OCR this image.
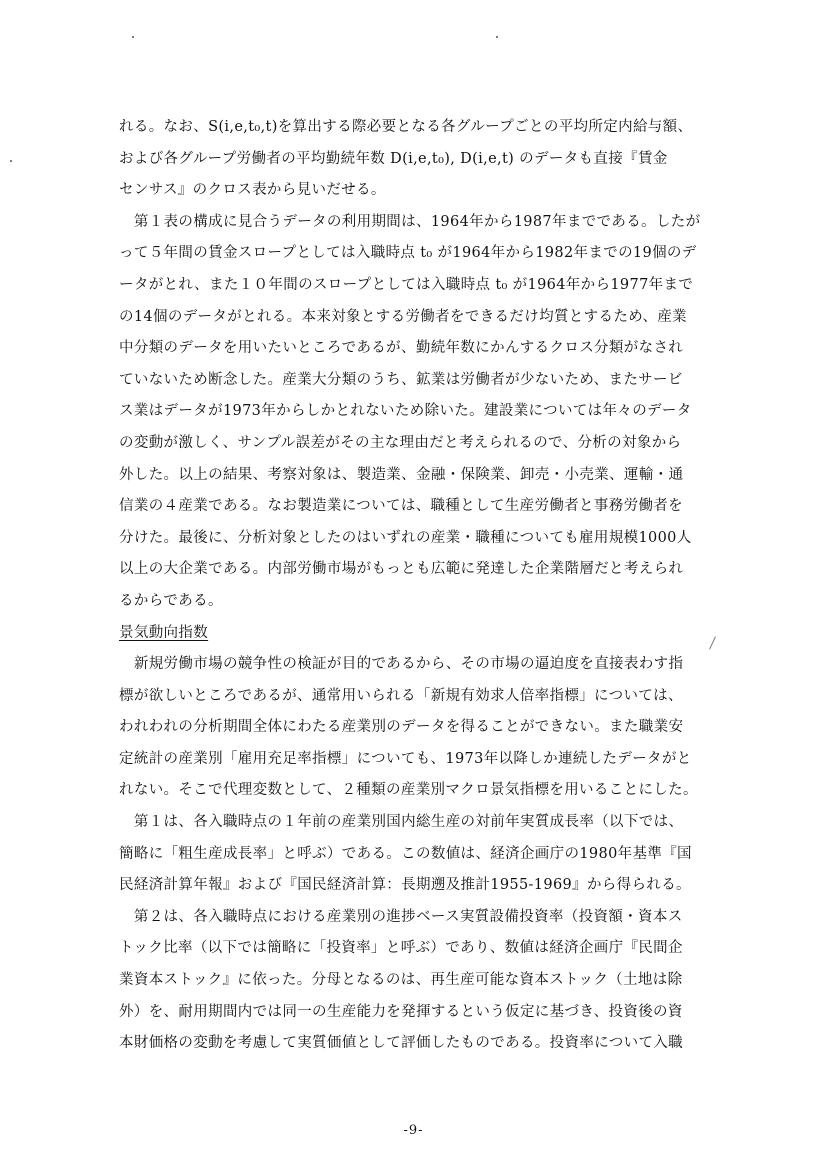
れる。なお、S(i,e,t₀,t)を算出する際必要となる各グループごとの平均所定内給与額、
および各グループ労働者の平均勤続年数 D(i,e,t₀), D(i,e,t) のデータも直接『賃金
センサス』のクロス表から見いだせる。
　第１表の構成に見合うデータの利用期間は、1964年から1987年までである。したが
って５年間の賃金スロープとしては入職時点 t₀ が1964年から1982年までの19個のデ
ータがとれ、また１０年間のスロープとしては入職時点 t₀ が1964年から1977年まで
の14個のデータがとれる。本来対象とする労働者をできるだけ均質とするため、産業
中分類のデータを用いたいところであるが、勤続年数にかんするクロス分類がなされ
ていないため断念した。産業大分類のうち、鉱業は労働者が少ないため、またサービ
ス業はデータが1973年からしかとれないため除いた。建設業については年々のデータ
の変動が激しく、サンプル誤差がその主な理由だと考えられるので、分析の対象から
外した。以上の結果、考察対象は、製造業、金融・保険業、卸売・小売業、運輸・通
信業の４産業である。なお製造業については、職種として生産労働者と事務労働者を
分けた。最後に、分析対象としたのはいずれの産業・職種についても雇用規模1000人
以上の大企業である。内部労働市場がもっとも広範に発達した企業階層だと考えられ
るからである。
景気動向指数
　新規労働市場の競争性の検証が目的であるから、その市場の逼迫度を直接表わす指
標が欲しいところであるが、通常用いられる「新規有効求人倍率指標」については、
われわれの分析期間全体にわたる産業別のデータを得ることができない。また職業安
定統計の産業別「雇用充足率指標」についても、1973年以降しか連続したデータがと
れない。そこで代理変数として、２種類の産業別マクロ景気指標を用いることにした。
　第１は、各入職時点の１年前の産業別国内総生産の対前年実質成長率（以下では、
簡略に「粗生産成長率」と呼ぶ）である。この数値は、経済企画庁の1980年基準『国
民経済計算年報』および『国民経済計算：長期遡及推計1955-1969』から得られる。
　第２は、各入職時点における産業別の進捗ベース実質設備投資率（投資額・資本ス
トック比率（以下では簡略に「投資率」と呼ぶ）であり、数値は経済企画庁『民間企
業資本ストック』に依った。分母となるのは、再生産可能な資本ストック（土地は除
外）を、耐用期間内では同一の生産能力を発揮するという仮定に基づき、投資後の資
本財価格の変動を考慮して実質価値として評価したものである。投資率について入職
-9-
